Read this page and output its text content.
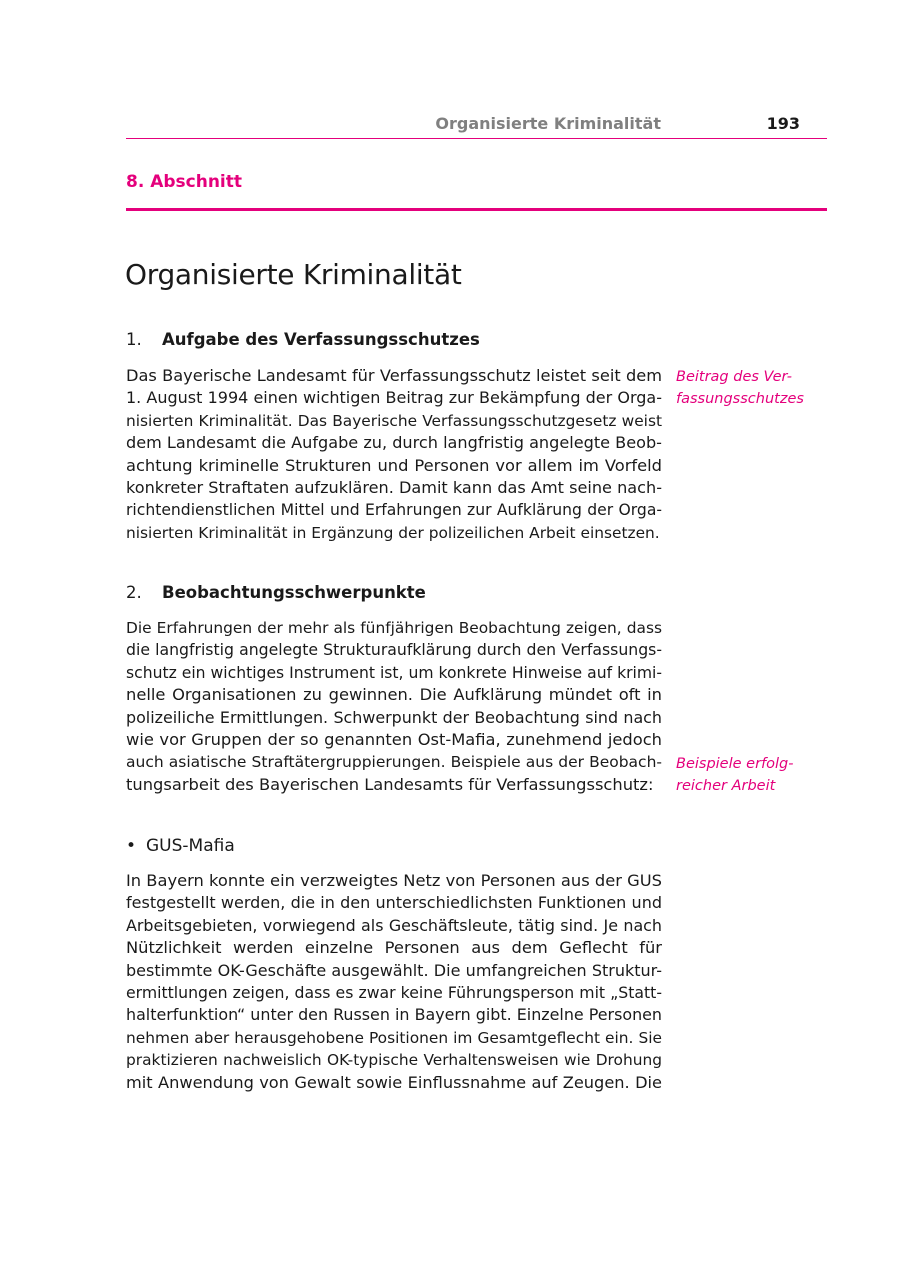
Organisierte Kriminalität	193
8. Abschnitt
Organisierte Kriminalität
1. Aufgabe des Verfassungsschutzes
Das Bayerische Landesamt für Verfassungsschutz leistet seit dem
1. August 1994 einen wichtigen Beitrag zur Bekämpfung der Orga-
nisierten Kriminalität. Das Bayerische Verfassungsschutzgesetz weist
dem Landesamt die Aufgabe zu, durch langfristig angelegte Beob-
achtung kriminelle Strukturen und Personen vor allem im Vorfeld
konkreter Straftaten aufzuklären. Damit kann das Amt seine nach-
richtendienstlichen Mittel und Erfahrungen zur Aufklärung der Orga-
nisierten Kriminalität in Ergänzung der polizeilichen Arbeit einsetzen.
Beitrag des Ver-
fassungsschutzes
2. Beobachtungsschwerpunkte
Die Erfahrungen der mehr als fünfjährigen Beobachtung zeigen, dass
die langfristig angelegte Strukturaufklärung durch den Verfassungs-
schutz ein wichtiges Instrument ist, um konkrete Hinweise auf krimi-
nelle Organisationen zu gewinnen. Die Aufklärung mündet oft in
polizeiliche Ermittlungen. Schwerpunkt der Beobachtung sind nach
wie vor Gruppen der so genannten Ost-Mafia, zunehmend jedoch
auch asiatische Straftätergruppierungen. Beispiele aus der Beobach-
tungsarbeit des Bayerischen Landesamts für Verfassungsschutz:
Beispiele erfolg-
reicher Arbeit
• GUS-Mafia
In Bayern konnte ein verzweigtes Netz von Personen aus der GUS
festgestellt werden, die in den unterschiedlichsten Funktionen und
Arbeitsgebieten, vorwiegend als Geschäftsleute, tätig sind. Je nach
Nützlichkeit werden einzelne Personen aus dem Geflecht für
bestimmte OK-Geschäfte ausgewählt. Die umfangreichen Struktur-
ermittlungen zeigen, dass es zwar keine Führungsperson mit „Statt-
halterfunktion“ unter den Russen in Bayern gibt. Einzelne Personen
nehmen aber herausgehobene Positionen im Gesamtgeflecht ein. Sie
praktizieren nachweislich OK-typische Verhaltensweisen wie Drohung
mit Anwendung von Gewalt sowie Einflussnahme auf Zeugen. Die
